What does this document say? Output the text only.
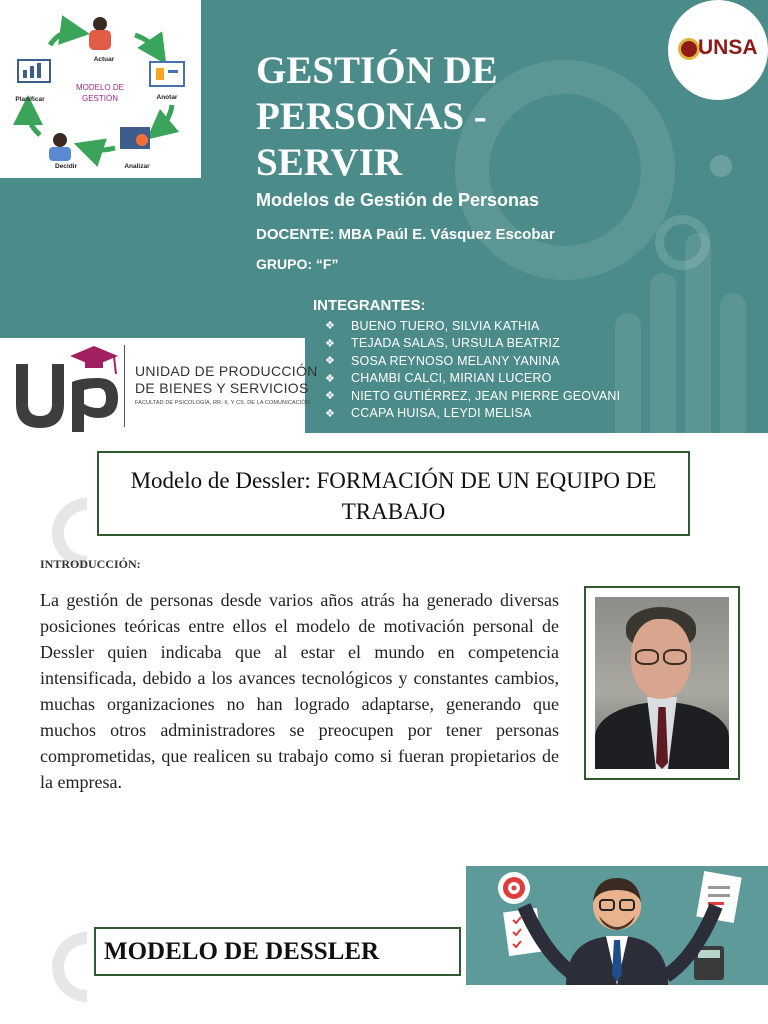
MODELO DE
GESTIÓN
Actuar
Anotar
Analizar
Decidir
Planificar
UNSA
GESTIÓN DE PERSONAS - SERVIR
Modelos de Gestión de Personas
DOCENTE: MBA Paúl E. Vásquez Escobar
GRUPO: “F”
INTEGRANTES:
❖	BUENO TUERO, SILVIA KATHIA
❖	TEJADA SALAS, URSULA BEATRIZ
❖	SOSA REYNOSO MELANY YANINA
❖	CHAMBI CALCI, MIRIAN LUCERO
❖	NIETO GUTIÉRREZ, JEAN PIERRE GEOVANI
❖	CCAPA HUISA, LEYDI MELISA
UNIDAD DE PRODUCCIÓN
DE BIENES Y SERVICIOS
FACULTAD DE PSICOLOGÍA, RR. II. Y CS. DE LA COMUNICACIÓN
Modelo de Dessler: FORMACIÓN DE UN EQUIPO DE
TRABAJO
INTRODUCCIÓN:

La gestión de personas desde varios años atrás ha generado diversas posiciones teóricas entre ellos el modelo de motivación personal de Dessler quien indicaba que al estar el mundo en competencia intensificada, debido a los avances tecnológicos y constantes cambios, muchas organizaciones no han logrado adaptarse, generando que muchos otros administradores se preocupen por tener personas comprometidas, que realicen su trabajo como si fueran propietarios de la empresa.

MODELO DE DESSLER
